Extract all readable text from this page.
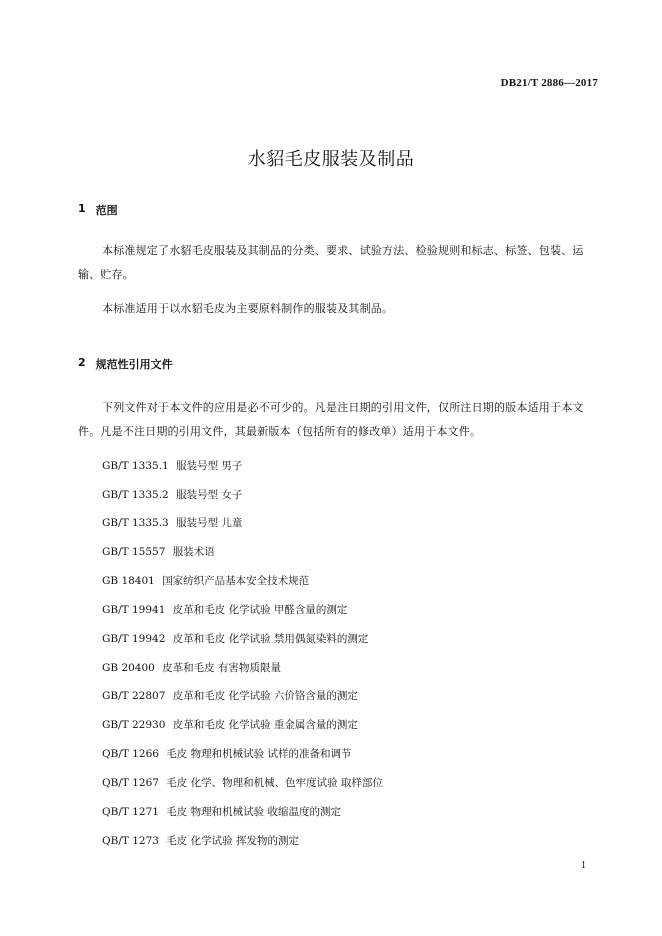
DB21/T 2886—2017
水貂毛皮服装及制品
1 范围
本标准规定了水貂毛皮服装及其制品的分类、要求、试验方法、检验规则和标志、标签、包装、运输、贮存。
本标准适用于以水貂毛皮为主要原料制作的服装及其制品。
2 规范性引用文件
下列文件对于本文件的应用是必不可少的。凡是注日期的引用文件，仅所注日期的版本适用于本文件。凡是不注日期的引用文件，其最新版本（包括所有的修改单）适用于本文件。
GB/T 1335.1 服装号型 男子
GB/T 1335.2 服装号型 女子
GB/T 1335.3 服装号型 儿童
GB/T 15557 服装术语
GB 18401 国家纺织产品基本安全技术规范
GB/T 19941 皮革和毛皮 化学试验 甲醛含量的测定
GB/T 19942 皮革和毛皮 化学试验 禁用偶氮染料的测定
GB 20400 皮革和毛皮 有害物质限量
GB/T 22807 皮革和毛皮 化学试验 六价铬含量的测定
GB/T 22930 皮革和毛皮 化学试验 重金属含量的测定
QB/T 1266 毛皮 物理和机械试验 试样的准备和调节
QB/T 1267 毛皮 化学、物理和机械、色牢度试验 取样部位
QB/T 1271 毛皮 物理和机械试验 收缩温度的测定
QB/T 1273 毛皮 化学试验 挥发物的测定
1
